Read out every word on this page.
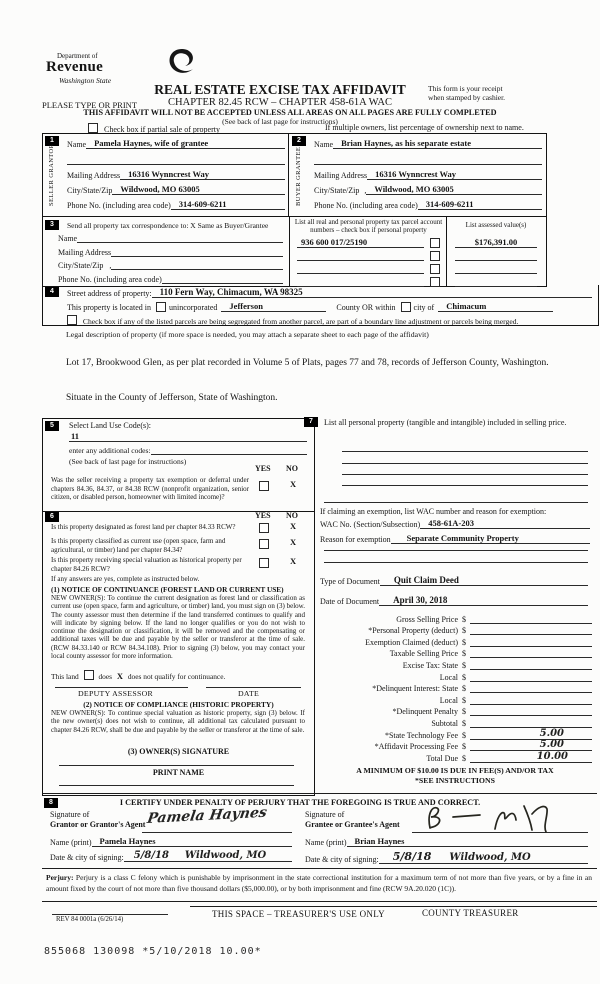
Department of
Revenue
Washington State
REAL ESTATE EXCISE TAX AFFIDAVIT
CHAPTER 82.45 RCW – CHAPTER 458-61A WAC
PLEASE TYPE OR PRINT
THIS AFFIDAVIT WILL NOT BE ACCEPTED UNLESS ALL AREAS ON ALL PAGES ARE FULLY COMPLETED
(See back of last page for instructions)
This form is your receipt
when stamped by cashier.
Check box if partial sale of property	If multiple owners, list percentage of ownership next to name.
1
SELLER GRANTOR Name Pamela Haynes, wife of grantee
Mailing Address 16316 Wynncrest Way
City/State/Zip Wildwood, MO 63005
Phone No. (including area code) 314-609-6211
2
BUYER GRANTEE
Name Brian Haynes, as his separate estate
Mailing Address 16316 Wynncrest Way
City/State/Zip , Wildwood, MO 63005
Phone No. (including area code) 314-609-6211
3	Send all property tax correspondence to: X Same as Buyer/Grantee
Name
Mailing Address
City/State/Zip ,
Phone No. (including area code)
List all real and personal property tax parcel account numbers – check box if personal property
936 600 017/25190
List assessed value(s)
$176,391.00
4	Street address of property: 110 Fern Way, Chimacum, WA 98325
This property is located in unincorporated	Jefferson	County OR within city of	Chimacum
Check box if any of the listed parcels are being segregated from another parcel, are part of a boundary line adjustment or parcels being merged.
Legal description of property (if more space is needed, you may attach a separate sheet to each page of the affidavit)
Lot 17, Brookwood Glen, as per plat recorded in Volume 5 of Plats, pages 77 and 78, records of Jefferson County, Washington.
Situate in the County of Jefferson, State of Washington.
5	Select Land Use Code(s):
11
enter any additional codes:
(See back of last page for instructions)
YES NO
Was the seller receiving a property tax exemption or deferral under chapters 84.36, 84.37, or 84.38 RCW (nonprofit organization, senior citizen, or disabled person, homeowner with limited income)?
X
6	YES NO
Is this property designated as forest land per chapter 84.33 RCW?	X
Is this property classified as current use (open space, farm and agricultural, or timber) land per chapter 84.34?
X
Is this property receiving special valuation as historical property per chapter 84.26 RCW?
X
If any answers are yes, complete as instructed below.
(1) NOTICE OF CONTINUANCE (FOREST LAND OR CURRENT USE)
NEW OWNER(S): To continue the current designation as forest land or classification as current use (open space, farm and agriculture, or timber) land, you must sign on (3) below. The county assessor must then determine if the land transferred continues to qualify and will indicate by signing below. If the land no longer qualifies or you do not wish to continue the designation or classification, it will be removed and the compensating or additional taxes will be due and payable by the seller or transferor at the time of sale. (RCW 84.33.140 or RCW 84.34.108). Prior to signing (3) below, you may contact your local county assessor for more information.
This land	does X does not qualify for continuance.
DEPUTY ASSESSOR	DATE
(2) NOTICE OF COMPLIANCE (HISTORIC PROPERTY)
NEW OWNER(S): To continue special valuation as historic property, sign (3) below. If the new owner(s) does not wish to continue, all additional tax calculated pursuant to chapter 84.26 RCW, shall be due and payable by the seller or transferor at the time of sale.
(3) OWNER(S) SIGNATURE
PRINT NAME
7	List all personal property (tangible and intangible) included in selling price.
If claiming an exemption, list WAC number and reason for exemption:
WAC No. (Section/Subsection) 458-61A-203
Reason for exemption	Separate Community Property
Type of Document	Quit Claim Deed
Date of Document	April 30, 2018
Gross Selling Price $
*Personal Property (deduct) $
Exemption Claimed (deduct) $
Taxable Selling Price $
Excise Tax: State $
Local $
*Delinquent Interest: State $
Local $
*Delinquent Penalty $
Subtotal $
*State Technology Fee $	5.00
*Affidavit Processing Fee $	5.00
Total Due $	10.00
A MINIMUM OF $10.00 IS DUE IN FEE(S) AND/OR TAX
*SEE INSTRUCTIONS
8	I CERTIFY UNDER PENALTY OF PERJURY THAT THE FOREGOING IS TRUE AND CORRECT.
Signature of
Grantor or Grantor's Agent Pamela Haynes
Name (print) Pamela Haynes
Date & city of signing:	5/8/18 Wildwood, MO
Signature of
Grantee or Grantee's Agent
Name (print) Brian Haynes
Date & city of signing:	5/8/18 Wildwood, MO
Perjury: Perjury is a class C felony which is punishable by imprisonment in the state correctional institution for a maximum term of not more than five years, or by a fine in an amount fixed by the court of not more than five thousand dollars ($5,000.00), or by both imprisonment and fine (RCW 9A.20.020 (1C)).
REV 84 0001a (6/26/14)
THIS SPACE – TREASURER'S USE ONLY	COUNTY TREASURER
855068 130098 *5/10/2018 10.00*
